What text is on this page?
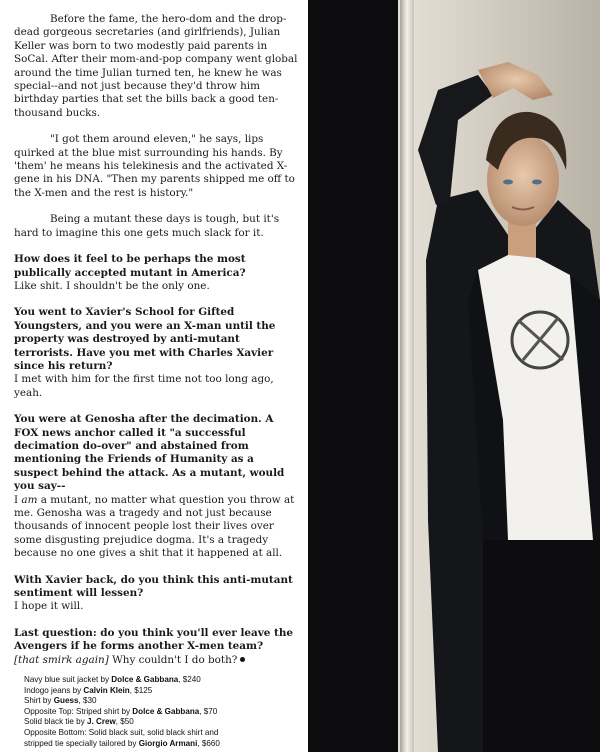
Before the fame, the hero-dom and the drop-dead gorgeous secretaries (and girlfriends), Julian Keller was born to two modestly paid parents in SoCal. After their mom-and-pop company went global around the time Julian turned ten, he knew he was special--and not just because they'd throw him birthday parties that set the bills back a good ten-thousand bucks.

"I got them around eleven," he says, lips quirked at the blue mist surrounding his hands. By 'them' he means his telekinesis and the activated X-gene in his DNA. "Then my parents shipped me off to the X-men and the rest is history."

Being a mutant these days is tough, but it's hard to imagine this one gets much slack for it.

How does it feel to be perhaps the most publically accepted mutant in America?
Like shit. I shouldn't be the only one.

You went to Xavier's School for Gifted Youngsters, and you were an X-man until the property was destroyed by anti-mutant terrorists. Have you met with Charles Xavier since his return?
I met with him for the first time not too long ago, yeah.

You were at Genosha after the decimation. A FOX news anchor called it "a successful decimation do-over" and abstained from mentioning the Friends of Humanity as a suspect behind the attack. As a mutant, would you say--
I am a mutant, no matter what question you throw at me. Genosha was a tragedy and not just because thousands of innocent people lost their lives over some disgusting prejudice dogma. It's a tragedy because no one gives a shit that it happened at all.

With Xavier back, do you think this anti-mutant sentiment will lessen?
I hope it will.

Last question: do you think you'll ever leave the Avengers if he forms another X-men team?
[that smirk again] Why couldn't I do both?

Navy blue suit jacket by Dolce & Gabbana, $240
Indogo jeans by Calvin Klein, $125
Shirt by Guess, $30
Opposite Top: Striped shirt by Dolce & Gabbana, $70
Solid black tie by J. Crew, $50
Opposite Bottom: Solid black suit, solid black shirt and
stripped tie specially tailored by Giorgio Armani, $660
